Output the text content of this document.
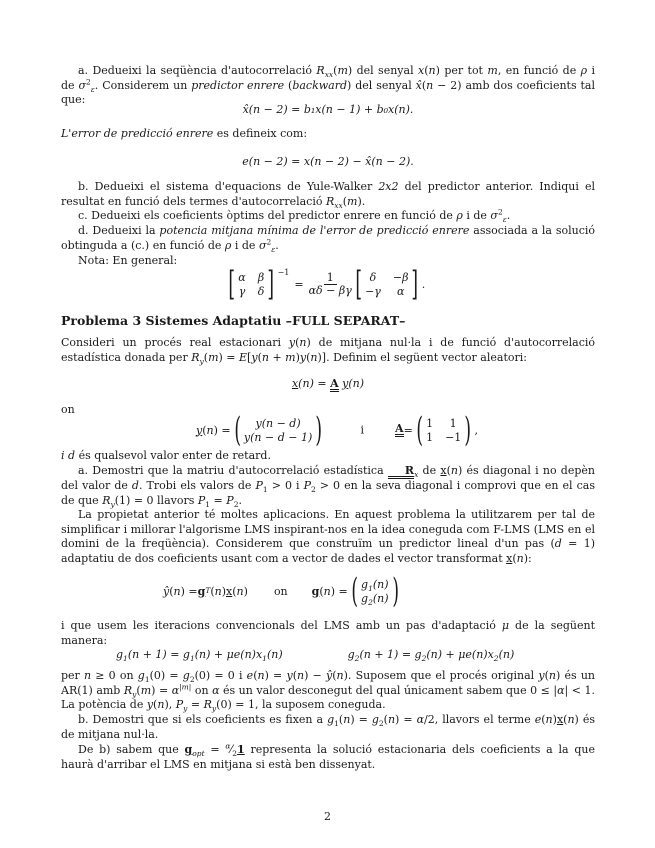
a. Dedueixi la seqüència d'autocorrelació $R_{xx}(m)$ del senyal x(n) per tot m, en funció de ρ i de $\sigma^2_\varepsilon$. Considerem un predictor enrere (backward) del senyal x̂(n − 2) amb dos coeficients tal que:

x̂(n − 2) = b₁x(n − 1) + b₀x(n).

L'error de predicció enrere es defineix com:

e(n − 2) = x(n − 2) − x̂(n − 2).

b. Dedueixi el sistema d'equacions de Yule-Walker 2x2 del predictor anterior. Indiqui el resultat en funció dels termes d'autocorrelació $R_{xx}(m)$.

c. Dedueixi els coeficients òptims del predictor enrere en funció de ρ i de $\sigma^2_\varepsilon$.

d. Dedueixi la potencia mitjana mínima de l'error de predicció enrere associada a la solució obtinguda a (c.) en funció de ρ i de $\sigma^2_\varepsilon$.

Nota: En general:

[ α β
γ δ ] −1
= $\frac{1}{\alpha\delta - \beta\gamma}$ [ δ	−β
−γ	α ] .
Problema 3 Sistemes Adaptatiu –FULL SEPARAT–

Consideri un procés real estacionari y(n) de mitjana nul·la i de funció d'autocorrelació estadística donada per $R_y(m) = E[y(n + m)y(n)]$. Definim el següent vector aleatori:

x(n) = A y(n)

on

y ( n ) = (	y(n − d)
y(n − d − 1) )	i	A = ( 1	1
1 −1 ) ,

i d és qualsevol valor enter de retard.

a. Demostri que la matriu d'autocorrelació estadística $R_x$ de x(n) és diagonal i no depèn del valor de d. Trobi els valors de $P_1 > 0$ i $P_2 > 0$ en la seva diagonal i comprovi que en el cas de que $R_y(1) = 0$ llavors $P_1 = P_2$.

La propietat anterior té moltes aplicacions. En aquest problema la utilitzarem per tal de simplificar i millorar l'algorisme LMS inspirant-nos en la idea coneguda com F-LMS (LMS en el domini de la freqüència). Considerem que construïm un predictor lineal d'un pas (d = 1) adaptatiu de dos coeficients usant com a vector de dades el vector transformat x(n):

ŷ ( n ) = g T ( n ) x ( n ) on g ( n ) = ( $g_1(n)$
$g_2(n)$ )

i que usem les iteracions convencionals del LMS amb un pas d'adaptació μ de la següent manera:

$g_1(n + 1) = g_1(n) + \mu e(n)x_1(n)$	$g_2(n + 1) = g_2(n) + \mu e(n)x_2(n)$

per n ≥ 0 on $g_1(0) = g_2(0) = 0$ i e(n) = y(n) − ŷ(n). Suposem que el procés original y(n) és un AR(1) amb $R_y(m) = \alpha^{|m|}$ on α és un valor desconegut del qual únicament sabem que 0 ≤ |α| < 1. La potència de y(n), $P_y = R_y(0) = 1$, la suposem coneguda.

b. Demostri que si els coeficients es fixen a $g_1(n) = g_2(n) = \alpha/2$, llavors el terme e(n)x(n) és de mitjana nul·la.

De b) sabem que $g_{opt}$ = $^\alpha⁄_21$ representa la solució estacionaria dels coeficients a la que haurà d'arribar el LMS en mitjana si està ben dissenyat.

2
